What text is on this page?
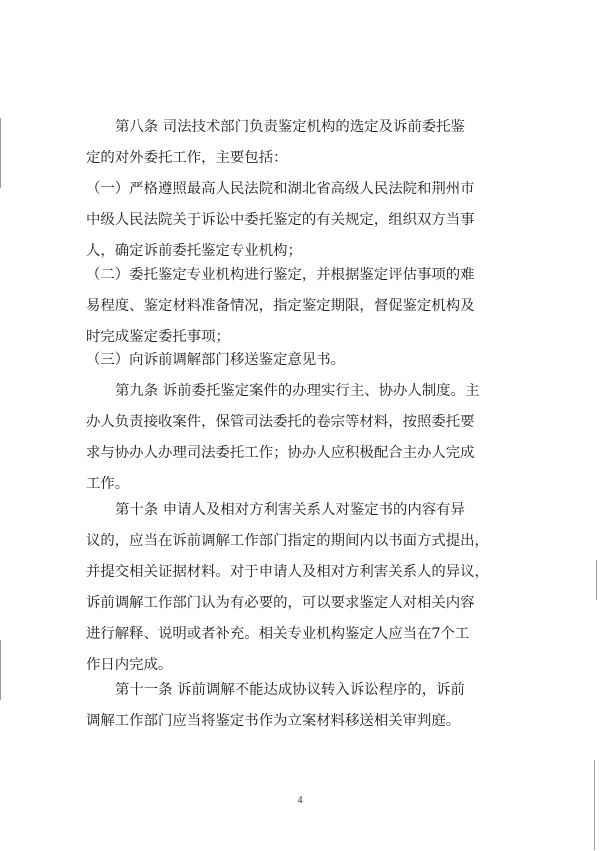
第八条 司法技术部门负责鉴定机构的选定及诉前委托鉴
定的对外委托工作，主要包括：
（一）严格遵照最高人民法院和湖北省高级人民法院和荆州市
中级人民法院关于诉讼中委托鉴定的有关规定，组织双方当事
人，确定诉前委托鉴定专业机构；
（二）委托鉴定专业机构进行鉴定，并根据鉴定评估事项的难
易程度、鉴定材料准备情况，指定鉴定期限，督促鉴定机构及
时完成鉴定委托事项；
（三）向诉前调解部门移送鉴定意见书。
第九条 诉前委托鉴定案件的办理实行主、协办人制度。主
办人负责接收案件，保管司法委托的卷宗等材料，按照委托要
求与协办人办理司法委托工作；协办人应积极配合主办人完成
工作。
第十条 申请人及相对方利害关系人对鉴定书的内容有异
议的，应当在诉前调解工作部门指定的期间内以书面方式提出，
并提交相关证据材料。对于申请人及相对方利害关系人的异议，
诉前调解工作部门认为有必要的，可以要求鉴定人对相关内容
进行解释、说明或者补充。相关专业机构鉴定人应当在7个工
作日内完成。
第十一条 诉前调解不能达成协议转入诉讼程序的，诉前
调解工作部门应当将鉴定书作为立案材料移送相关审判庭。
4
